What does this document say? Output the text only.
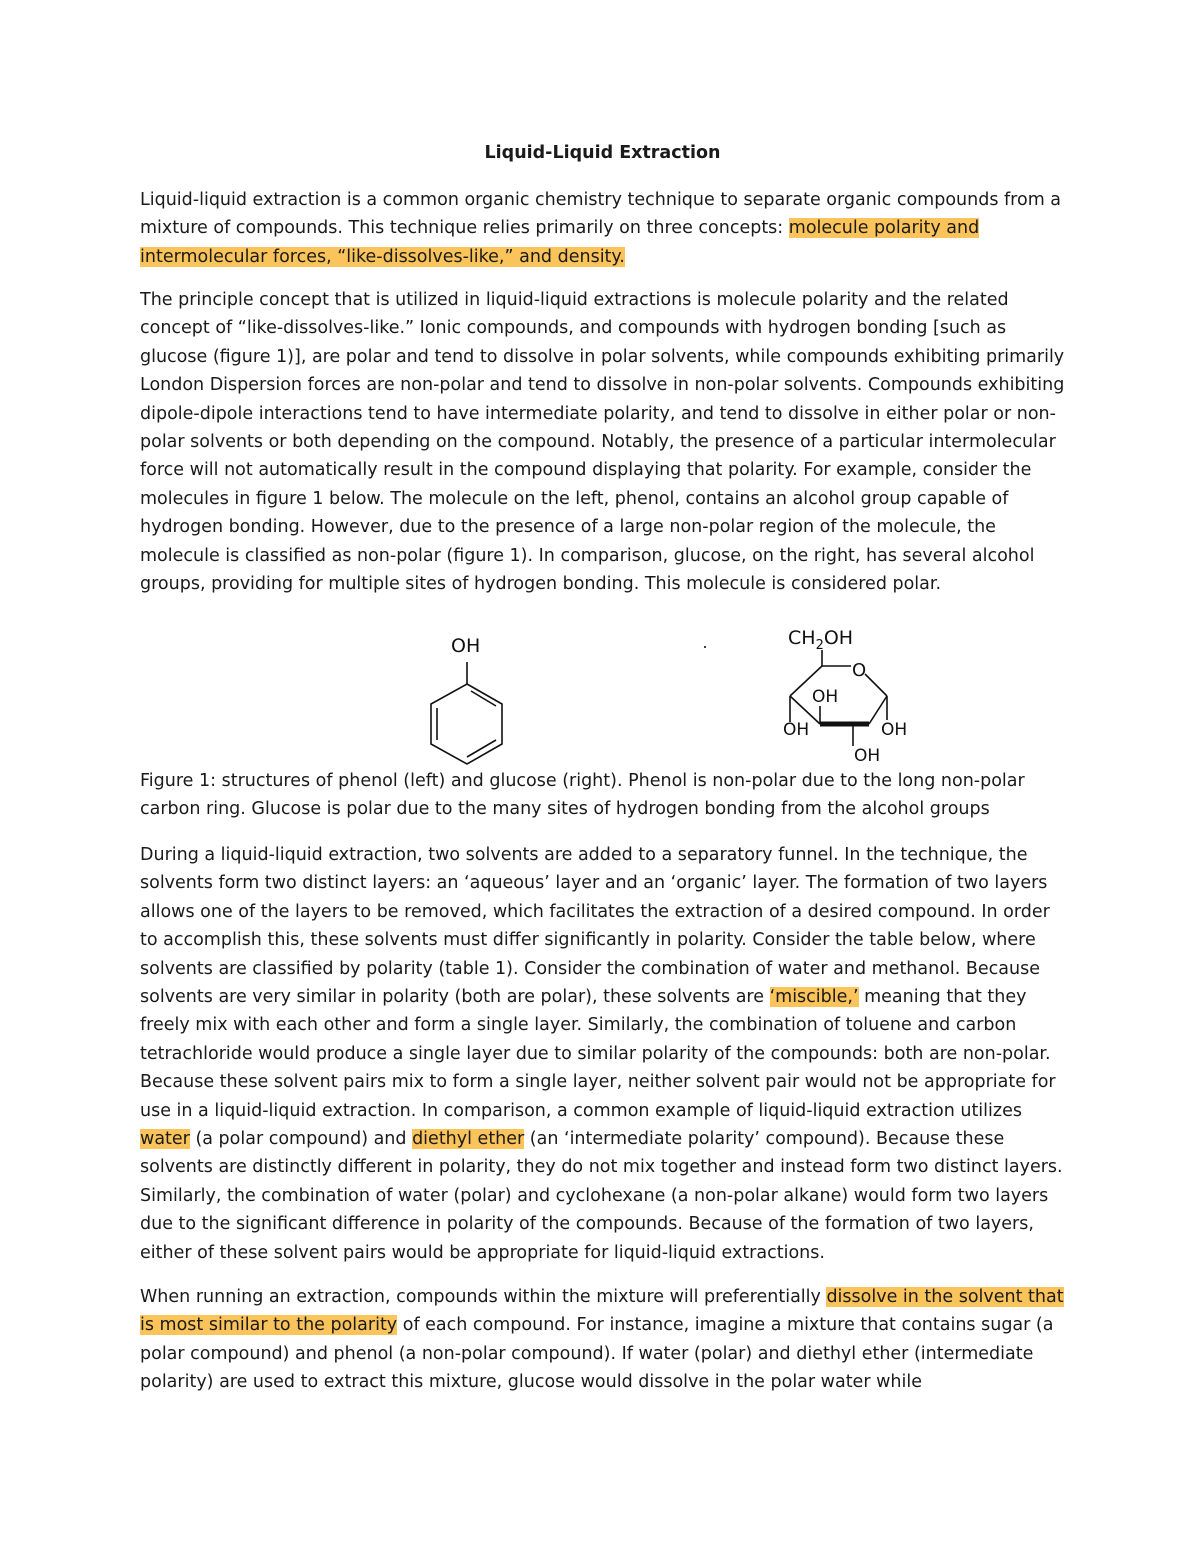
Liquid-Liquid Extraction
Liquid-liquid extraction is a common organic chemistry technique to separate organic compounds from a mixture of compounds. This technique relies primarily on three concepts: molecule polarity and intermolecular forces, “like-dissolves-like,” and density.
The principle concept that is utilized in liquid-liquid extractions is molecule polarity and the related concept of “like-dissolves-like.” Ionic compounds, and compounds with hydrogen bonding [such as glucose (figure 1)], are polar and tend to dissolve in polar solvents, while compounds exhibiting primarily London Dispersion forces are non-polar and tend to dissolve in non-polar solvents. Compounds exhibiting dipole-dipole interactions tend to have intermediate polarity, and tend to dissolve in either polar or non-polar solvents or both depending on the compound. Notably, the presence of a particular intermolecular force will not automatically result in the compound displaying that polarity. For example, consider the molecules in figure 1 below. The molecule on the left, phenol, contains an alcohol group capable of hydrogen bonding. However, due to the presence of a large non-polar region of the molecule, the molecule is classified as non-polar (figure 1). In comparison, glucose, on the right, has several alcohol groups, providing for multiple sites of hydrogen bonding. This molecule is considered polar.
OH	$CH_2OH$
O
OH
OH	OH
OH
Figure 1: structures of phenol (left) and glucose (right). Phenol is non-polar due to the long non-polar carbon ring. Glucose is polar due to the many sites of hydrogen bonding from the alcohol groups
During a liquid-liquid extraction, two solvents are added to a separatory funnel. In the technique, the solvents form two distinct layers: an ‘aqueous’ layer and an ‘organic’ layer. The formation of two layers allows one of the layers to be removed, which facilitates the extraction of a desired compound. In order to accomplish this, these solvents must differ significantly in polarity. Consider the table below, where solvents are classified by polarity (table 1). Consider the combination of water and methanol. Because solvents are very similar in polarity (both are polar), these solvents are ‘miscible,’ meaning that they freely mix with each other and form a single layer. Similarly, the combination of toluene and carbon tetrachloride would produce a single layer due to similar polarity of the compounds: both are non-polar. Because these solvent pairs mix to form a single layer, neither solvent pair would not be appropriate for use in a liquid-liquid extraction. In comparison, a common example of liquid-liquid extraction utilizes water (a polar compound) and diethyl ether (an ‘intermediate polarity’ compound). Because these solvents are distinctly different in polarity, they do not mix together and instead form two distinct layers. Similarly, the combination of water (polar) and cyclohexane (a non-polar alkane) would form two layers due to the significant difference in polarity of the compounds. Because of the formation of two layers, either of these solvent pairs would be appropriate for liquid-liquid extractions.
When running an extraction, compounds within the mixture will preferentially dissolve in the solvent that is most similar to the polarity of each compound. For instance, imagine a mixture that contains sugar (a polar compound) and phenol (a non-polar compound). If water (polar) and diethyl ether (intermediate polarity) are used to extract this mixture, glucose would dissolve in the polar water while
